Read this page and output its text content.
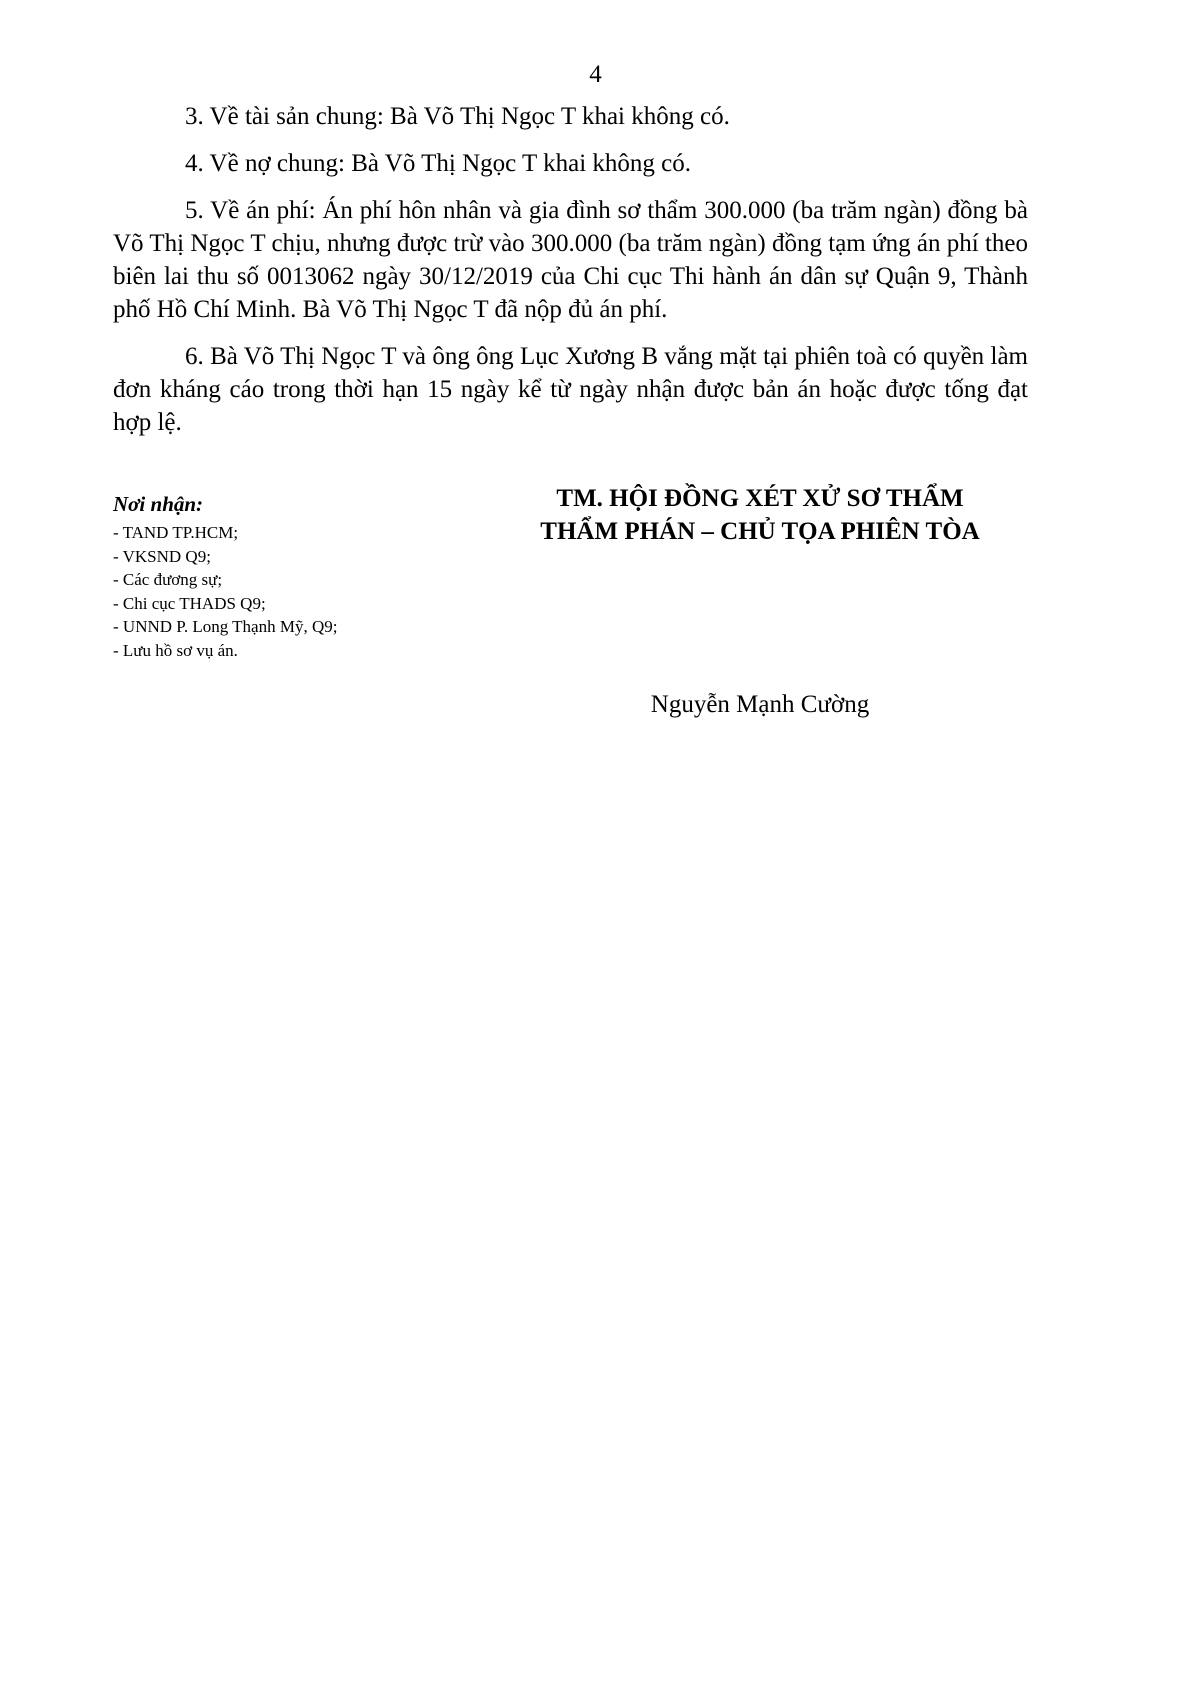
4

3. Về tài sản chung: Bà Võ Thị Ngọc T khai không có.

4. Về nợ chung: Bà Võ Thị Ngọc T khai không có.

5. Về án phí: Án phí hôn nhân và gia đình sơ thẩm 300.000 (ba trăm ngàn) đồng bà Võ Thị Ngọc T chịu, nhưng được trừ vào 300.000 (ba trăm ngàn) đồng tạm ứng án phí theo biên lai thu số 0013062 ngày 30/12/2019 của Chi cục Thi hành án dân sự Quận 9, Thành phố Hồ Chí Minh. Bà Võ Thị Ngọc T đã nộp đủ án phí.

6. Bà Võ Thị Ngọc T và ông ông Lục Xương B vắng mặt tại phiên toà có quyền làm đơn kháng cáo trong thời hạn 15 ngày kể từ ngày nhận được bản án hoặc được tống đạt hợp lệ.

Nơi nhận:
- TAND TP.HCM;
- VKSND Q9;
- Các đương sự;
- Chi cục THADS Q9;
- UNND P. Long Thạnh Mỹ, Q9;
- Lưu hồ sơ vụ án.

TM. HỘI ĐỒNG XÉT XỬ SƠ THẨM

THẨM PHÁN – CHỦ TỌA PHIÊN TÒA

Nguyễn Mạnh Cường
